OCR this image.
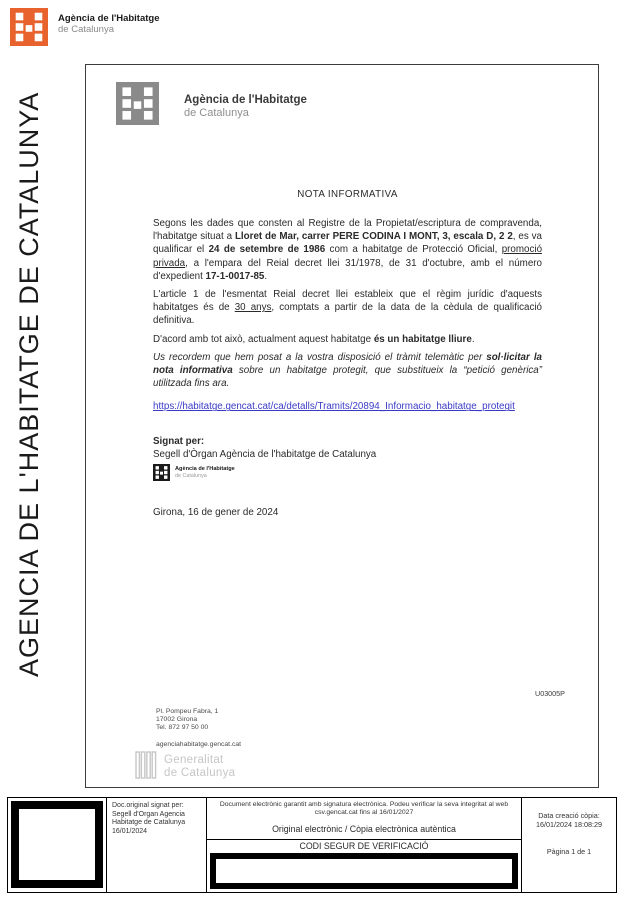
Agència de l'Habitatge
de Catalunya
AGENCIA DE L'HABITATGE DE CATALUNYA	Agència de l'Habitatge
de Catalunya
NOTA INFORMATIVA

Segons les dades que consten al Registre de la Propietat/escriptura de compravenda, l'habitatge situat a Lloret de Mar, carrer PERE CODINA I MONT, 3, escala D, 2 2, es va qualificar el 24 de setembre de 1986 com a habitatge de Protecció Oficial, promoció privada, a l'empara del Reial decret llei 31/1978, de 31 d'octubre, amb el número d'expedient 17-1-0017-85.

L'article 1 de l'esmentat Reial decret llei estableix que el règim jurídic d'aquests habitatges és de 30 anys, comptats a partir de la data de la cèdula de qualificació definitiva.

D'acord amb tot això, actualment aquest habitatge és un habitatge lliure.

Us recordem que hem posat a la vostra disposició el tràmit telemàtic per sol·licitar la nota informativa sobre un habitatge protegit, que substitueix la “petició genèrica” utilitzada fins ara.

https://habitatge.gencat.cat/ca/detalls/Tramits/20894_Informacio_habitatge_protegit
Signat per:
Segell d'Òrgan Agència de l'habitatge de Catalunya
Agència de l'Habitatge
de Catalunya
Girona, 16 de gener de 2024
U03005P
Pl. Pompeu Fabra, 1
17002 Girona
Tel. 872 97 50 00
agenciahabitatge.gencat.cat
Generalitat
de Catalunya
Doc.original signat per:
Segell d'Organ Agencia
Habitatge de Catalunya
16/01/2024
Document electrònic garantit amb signatura electrònica. Podeu verificar la seva integritat al web csv.gencat.cat fins al 16/01/2027
Original electrònic / Còpia electrònica autèntica
CODI SEGUR DE VERIFICACIÓ
Data creació còpia:
16/01/2024 18:08:29
Pàgina 1 de 1
